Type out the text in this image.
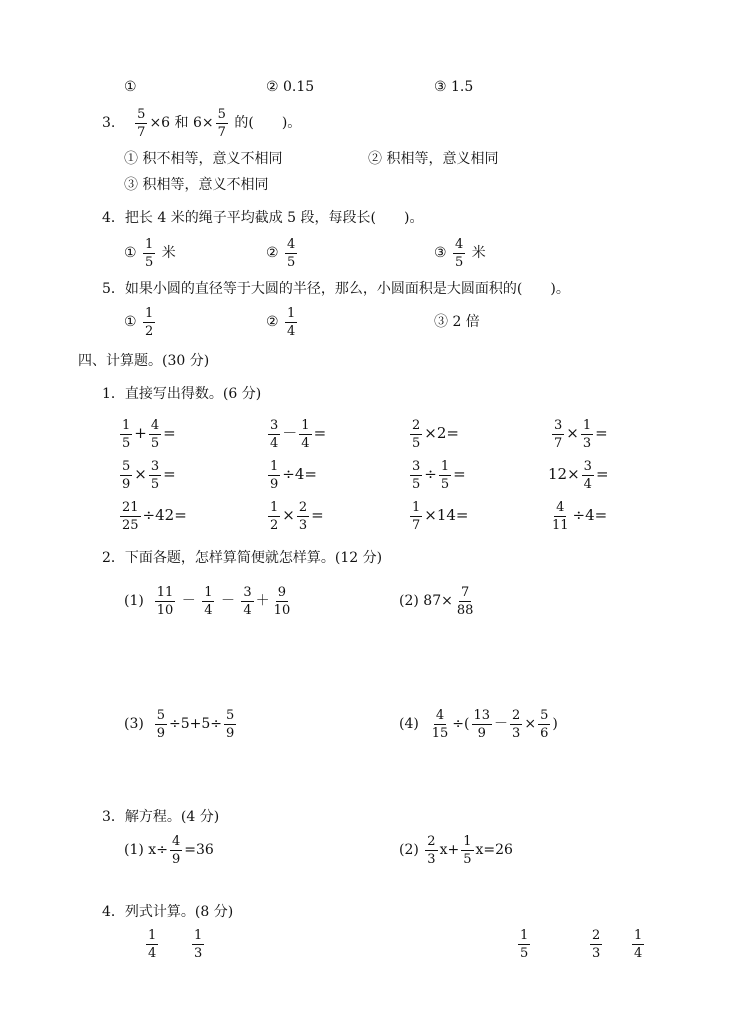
①	② 0.15	③ 1.5
3. $\frac{5}{7} \times 6$ 和 $6\times \frac{5}{7}$ 的(　　)。
① 积不相等，意义不相同	② 积相等，意义相同
③ 积相等，意义不相同
4．把长 4 米的绳子平均截成 5 段，每段长(　　)。
① $\frac{1}{5}$ 米	② $\frac{4}{5}$	③ $\frac{4}{5}$ 米
5．如果小圆的直径等于大圆的半径，那么，小圆面积是大圆面积的(　　)。
① $\frac{1}{2}$	② $\frac{1}{4}$	③ 2 倍
四、计算题。(30 分)
1．直接写出得数。(6 分)
$\frac{1}{5} + \frac{4}{5}$ =	$\frac{3}{4} - \frac{1}{4}$ =	$\frac{2}{5} \times 2=$	$\frac{3}{7} \times \frac{1}{3}$ =
$\frac{5}{9} \times \frac{3}{5}$ =	$\frac{1}{9} \div 4=$	$\frac{3}{5} \div \frac{1}{5}$ =	$12\times \frac{3}{4}$ =
$\frac{21}{25} \div 42=$	$\frac{1}{2} \times \frac{2}{3}$ =	$\frac{1}{7} \times 14=$	$\frac{4}{11} \div 4=$
2．下面各题，怎样算简便就怎样算。(12 分)
$(1) \frac{11}{10} - \frac{1}{4} - \frac{3}{4} + \frac{9}{10}$	(2) $87\times \frac{7}{88}$
$(3) \frac{5}{9} \div 5+5\div \frac{5}{9}$	$(4) \frac{4}{15}$ ÷( $\frac{13}{9} - \frac{2}{3} \times \frac{5}{6}$ )
3．解方程。(4 分)
(1) $x\div \frac{4}{9} =36$	$(2) \frac{2}{3} x+ \frac{1}{5} x=26$
4．列式计算。(8 分)
$\frac{1}{4}$	$\frac{1}{3}$	$\frac{1}{5}$	$\frac{2}{3} \frac{1}{4}$
